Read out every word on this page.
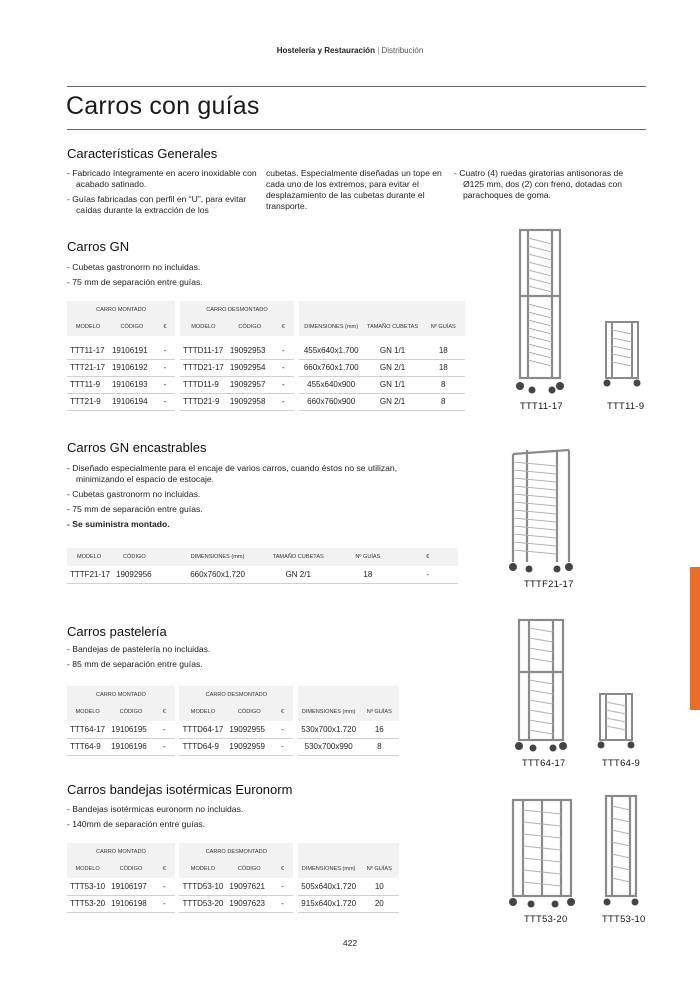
Hostelería y Restauración | Distribución
Carros con guías
Características Generales
- Fabricado íntegramente en acero inoxidable con acabado satinado.
- Guías fabricadas con perfil en “U”, para evitar caídas durante la extracción de los

cubetas. Especialmente diseñadas un tope en cada uno de los extremos, para evitar el desplazamiento de las cubetas durante el transporte.

- Cuatro (4) ruedas giratorias antisonoras de Ø125 mm, dos (2) con freno, dotadas con parachoques de goma.
Carros GN
- Cubetas gastronorm no incluidas.
- 75 mm de separación entre guías.
CARRO MONTADO				CARRO DESMONTADO						
MODELO	CÓDIGO	€		MODELO	CÓDIGO	€		DIMENSIONES (mm)	TAMAÑO CUBETAS	Nº GUÍAS

TTT11-17	19106191	-		TTTD11-17	19092953	-		455x640x1.700	GN 1/1	18
TTT21-17	19106192	-		TTTD21-17	19092954	-		660x760x1.700	GN 2/1	18
TTT11-9	19106193	-		TTTD11-9	19092957	-		455x640x900	GN 1/1	8
TTT21-9	19106194	-		TTTD21-9	19092958	-		660x760x900	GN 2/1	8
Carros GN encastrables
- Diseñado especialmente para el encaje de varios carros, cuando éstos no se utilizan, minimizando el espacio de estocaje.
- Cubetas gastronorm no incluidas.
- 75 mm de separación entre guías.
- Se suministra montado.
MODELO	CÓDIGO	DIMENSIONES (mm)	TAMAÑO CUBETAS	Nº GUÍAS	€
TTTF21-17	19092956	660x760x1.720	GN 2/1	18	-
Carros pastelería
- Bandejas de pastelería no incluidas.
- 85 mm de separación entre guías.
CARRO MONTADO				CARRO DESMONTADO					
MODELO	CÓDIGO	€		MODELO	CÓDIGO	€		DIMENSIONES (mm)	Nº GUÍAS
TTT64-17	19106195	-		TTTD64-17	19092955	-		530x700x1.720	16
TTT64-9	19106196	-		TTTD64-9	19092959	-		530x700x990	8
Carros bandejas isotérmicas Euronorm
- Bandejas isotérmicas euronorm no incluidas.
- 140mm de separación entre guías.
CARRO MONTADO				CARRO DESMONTADO					
MODELO	CÓDIGO	€		MODELO	CÓDIGO	€		DIMENSIONES (mm)	Nº GUÍAS
TTT53-10	19106197	-		TTTD53-10	19097621	-		505x640x1.720	10
TTT53-20	19106198	-		TTTD53-20	19097623	-		915x640x1.720	20
TTT11-17	TTT11-9
TTTF21-17
TTT64-17	TTT64-9
TTT53-20	TTT53-10
422
